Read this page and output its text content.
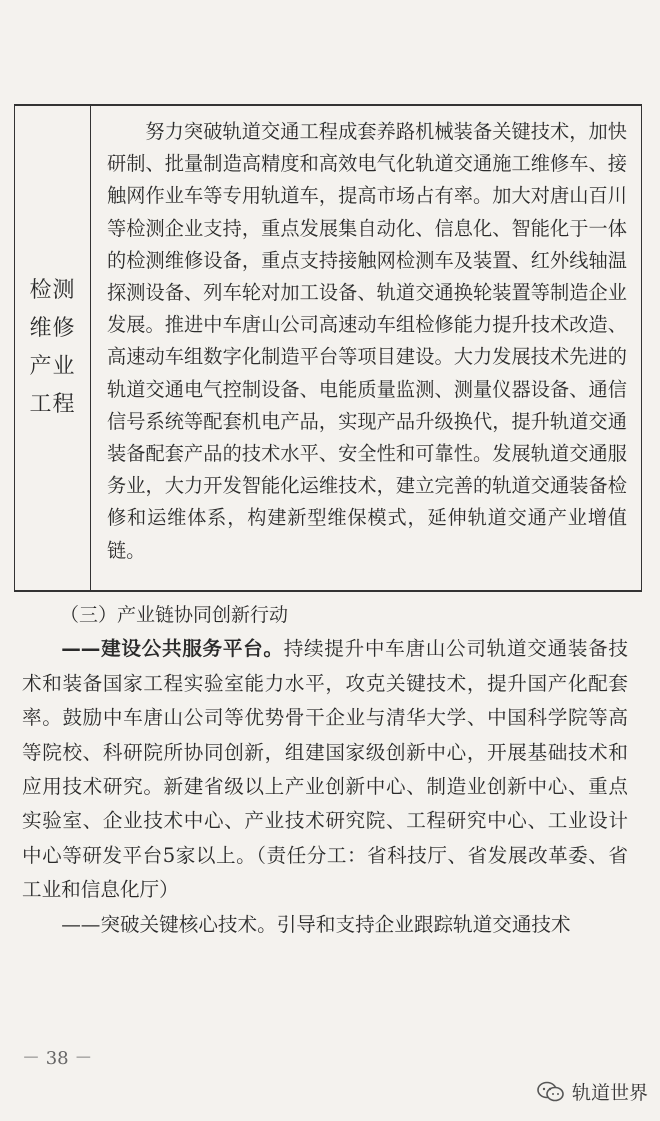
检测维修产业工程

努力突破轨道交通工程成套养路机械装备关键技术，加快研制、批量制造高精度和高效电气化轨道交通施工维修车、接触网作业车等专用轨道车，提高市场占有率。加大对唐山百川等检测企业支持，重点发展集自动化、信息化、智能化于一体的检测维修设备，重点支持接触网检测车及装置、红外线轴温探测设备、列车轮对加工设备、轨道交通换轮装置等制造企业发展。推进中车唐山公司高速动车组检修能力提升技术改造、高速动车组数字化制造平台等项目建设。大力发展技术先进的轨道交通电气控制设备、电能质量监测、测量仪器设备、通信信号系统等配套机电产品，实现产品升级换代，提升轨道交通装备配套产品的技术水平、安全性和可靠性。发展轨道交通服务业，大力开发智能化运维技术，建立完善的轨道交通装备检修和运维体系，构建新型维保模式，延伸轨道交通产业增值链。

（三）产业链协同创新行动

——建设公共服务平台。持续提升中车唐山公司轨道交通装备技术和装备国家工程实验室能力水平，攻克关键技术，提升国产化配套率。鼓励中车唐山公司等优势骨干企业与清华大学、中国科学院等高等院校、科研院所协同创新，组建国家级创新中心，开展基础技术和应用技术研究。新建省级以上产业创新中心、制造业创新中心、重点实验室、企业技术中心、产业技术研究院、工程研究中心、工业设计中心等研发平台5家以上。（责任分工：省科技厅、省发展改革委、省工业和信息化厅）

——突破关键核心技术。引导和支持企业跟踪轨道交通技术

－ 38 －
轨道世界
